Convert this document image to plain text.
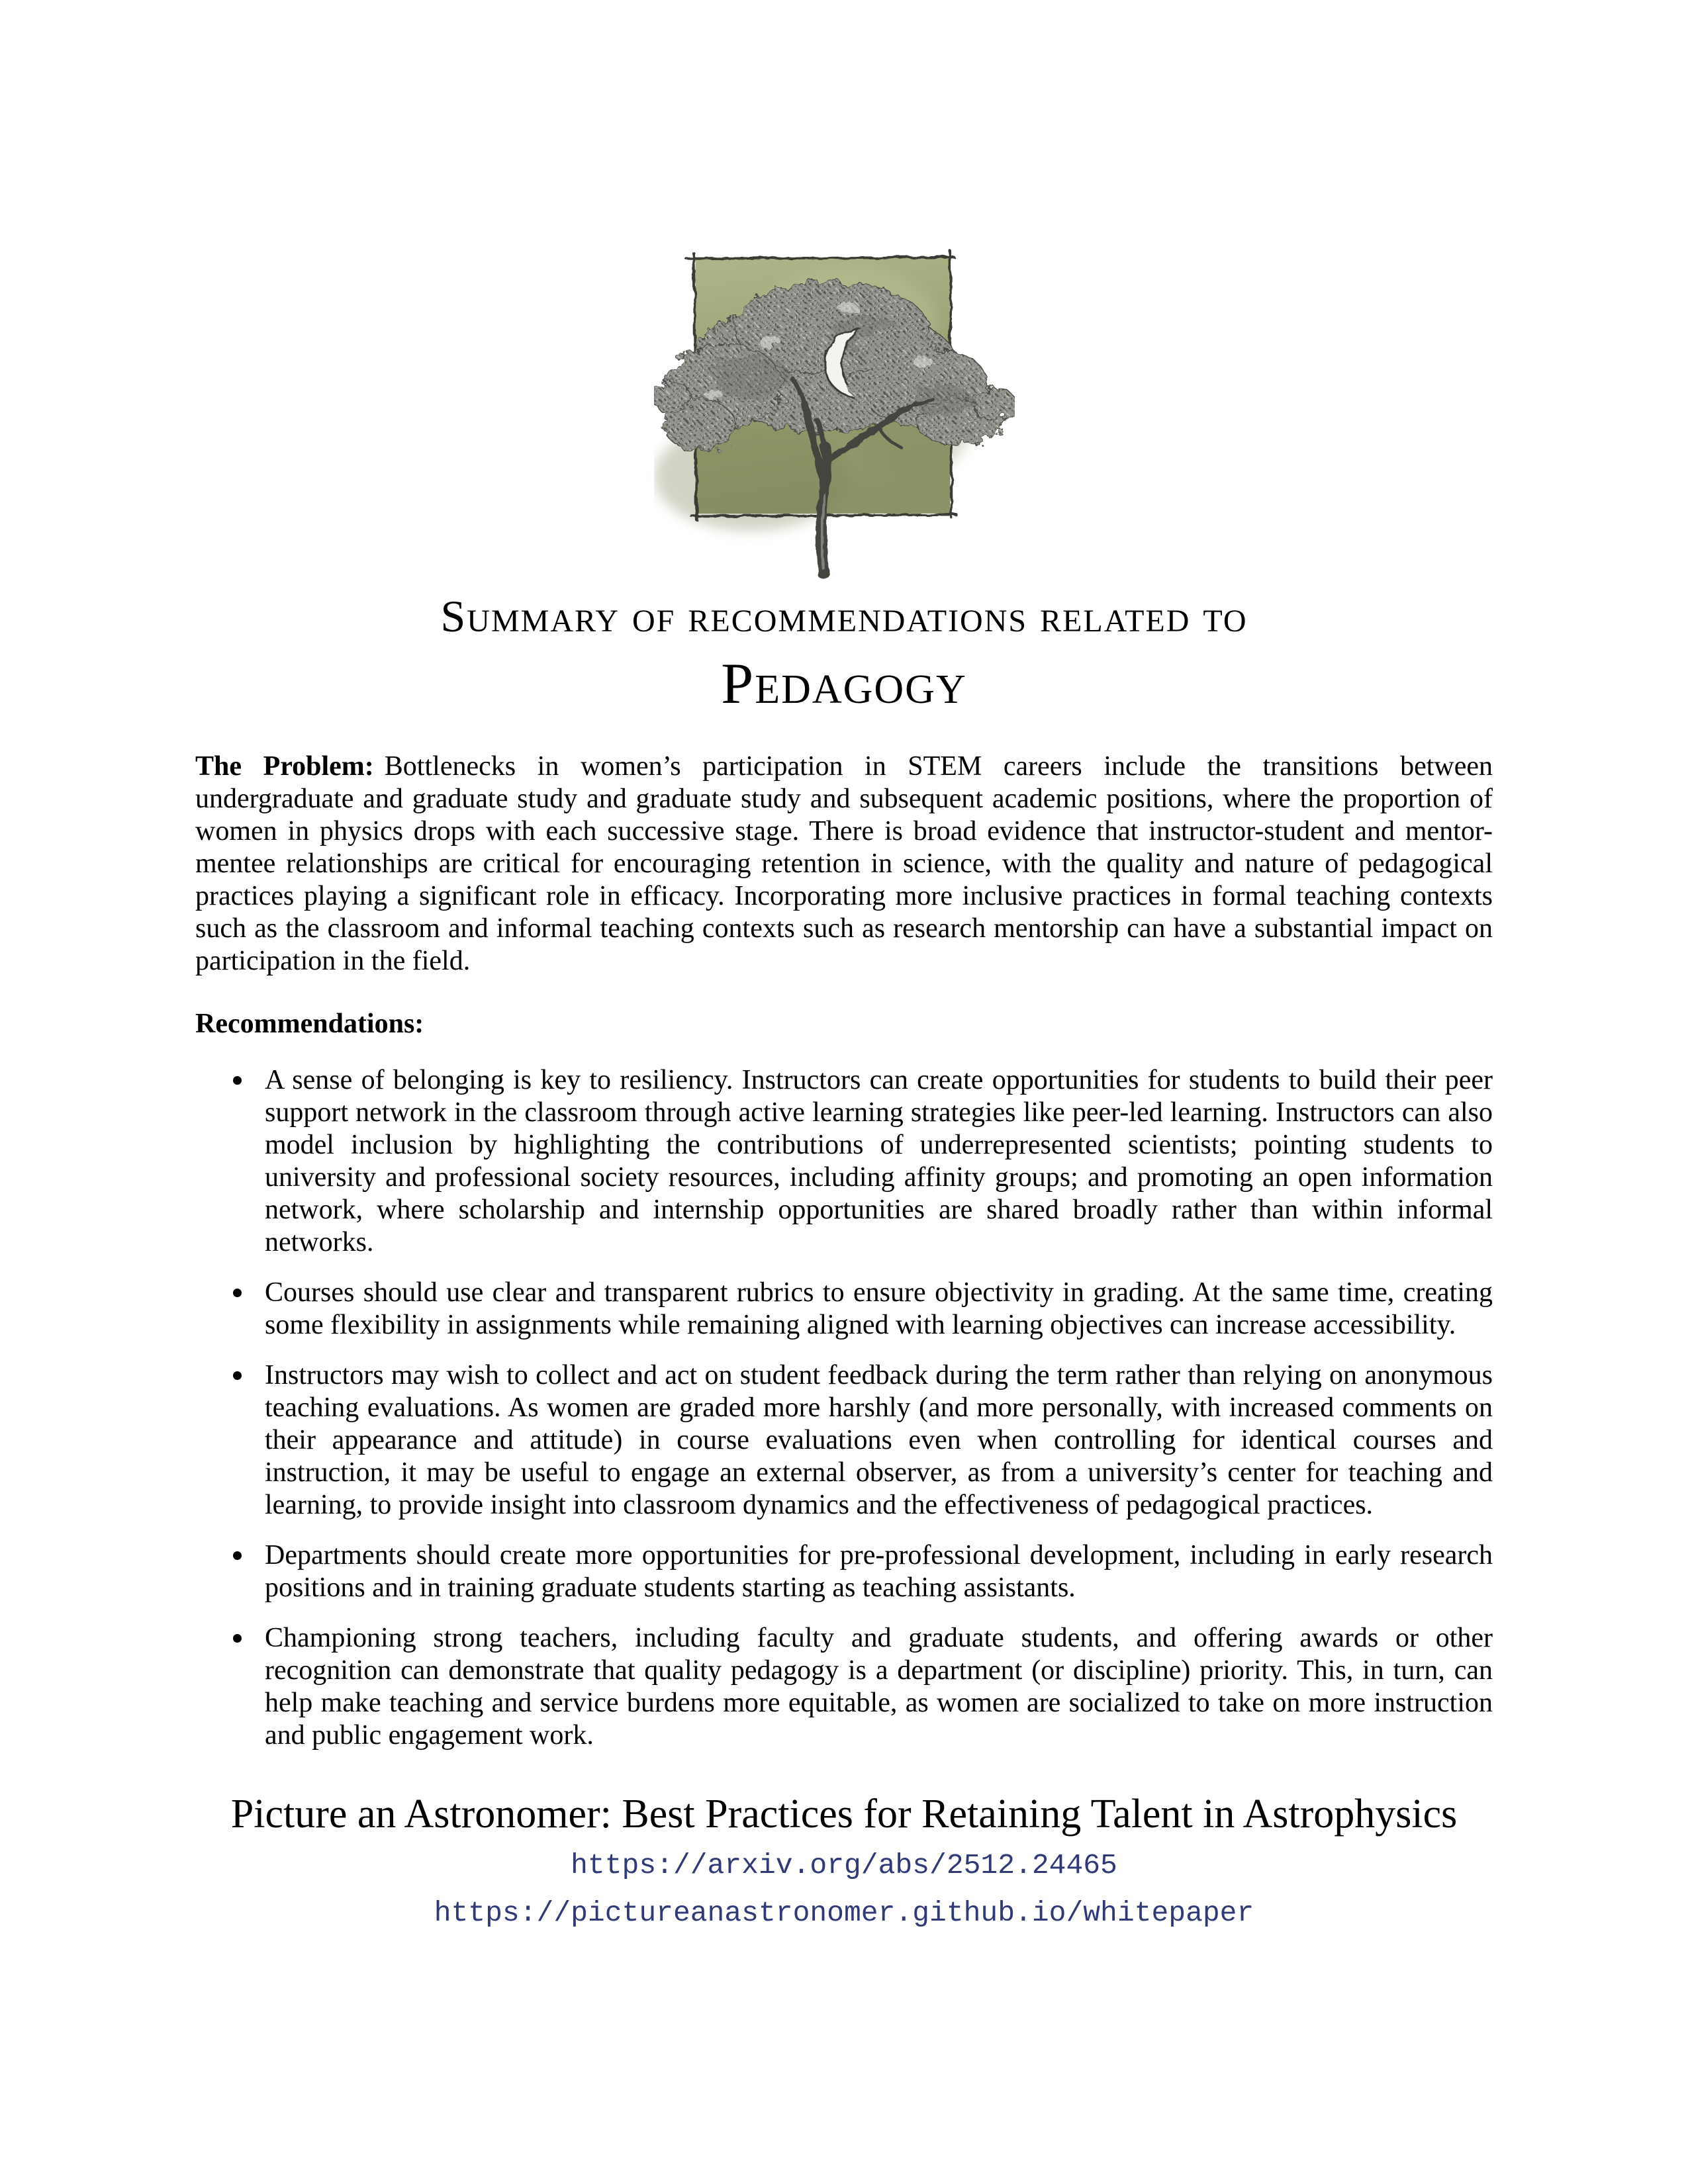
Summary of recommendations related to
Pedagogy

The Problem: Bottlenecks in women’s participation in STEM careers include the transitions between undergraduate and graduate study and graduate study and subsequent academic positions, where the proportion of women in physics drops with each successive stage. There is broad evidence that instructor-student and mentor-mentee relationships are critical for encouraging retention in science, with the quality and nature of pedagogical practices playing a significant role in efficacy. Incorporating more inclusive practices in formal teaching contexts such as the classroom and informal teaching contexts such as research mentorship can have a substantial impact on participation in the field.

Recommendations:

A sense of belonging is key to resiliency. Instructors can create opportunities for students to build their peer support network in the classroom through active learning strategies like peer-led learning. Instructors can also model inclusion by highlighting the contributions of underrepresented scientists; pointing students to university and professional society resources, including affinity groups; and promoting an open information network, where scholarship and internship opportunities are shared broadly rather than within informal networks.
Courses should use clear and transparent rubrics to ensure objectivity in grading. At the same time, creating some flexibility in assignments while remaining aligned with learning objectives can increase accessibility.
Instructors may wish to collect and act on student feedback during the term rather than relying on anonymous teaching evaluations. As women are graded more harshly (and more personally, with increased comments on their appearance and attitude) in course evaluations even when controlling for identical courses and instruction, it may be useful to engage an external observer, as from a university’s center for teaching and learning, to provide insight into classroom dynamics and the effectiveness of pedagogical practices.
Departments should create more opportunities for pre-professional development, including in early research positions and in training graduate students starting as teaching assistants.
Championing strong teachers, including faculty and graduate students, and offering awards or other recognition can demonstrate that quality pedagogy is a department (or discipline) priority. This, in turn, can help make teaching and service burdens more equitable, as women are socialized to take on more instruction and public engagement work.
Picture an Astronomer: Best Practices for Retaining Talent in Astrophysics
https://arxiv.org/abs/2512.24465
https://pictureanastronomer.github.io/whitepaper
